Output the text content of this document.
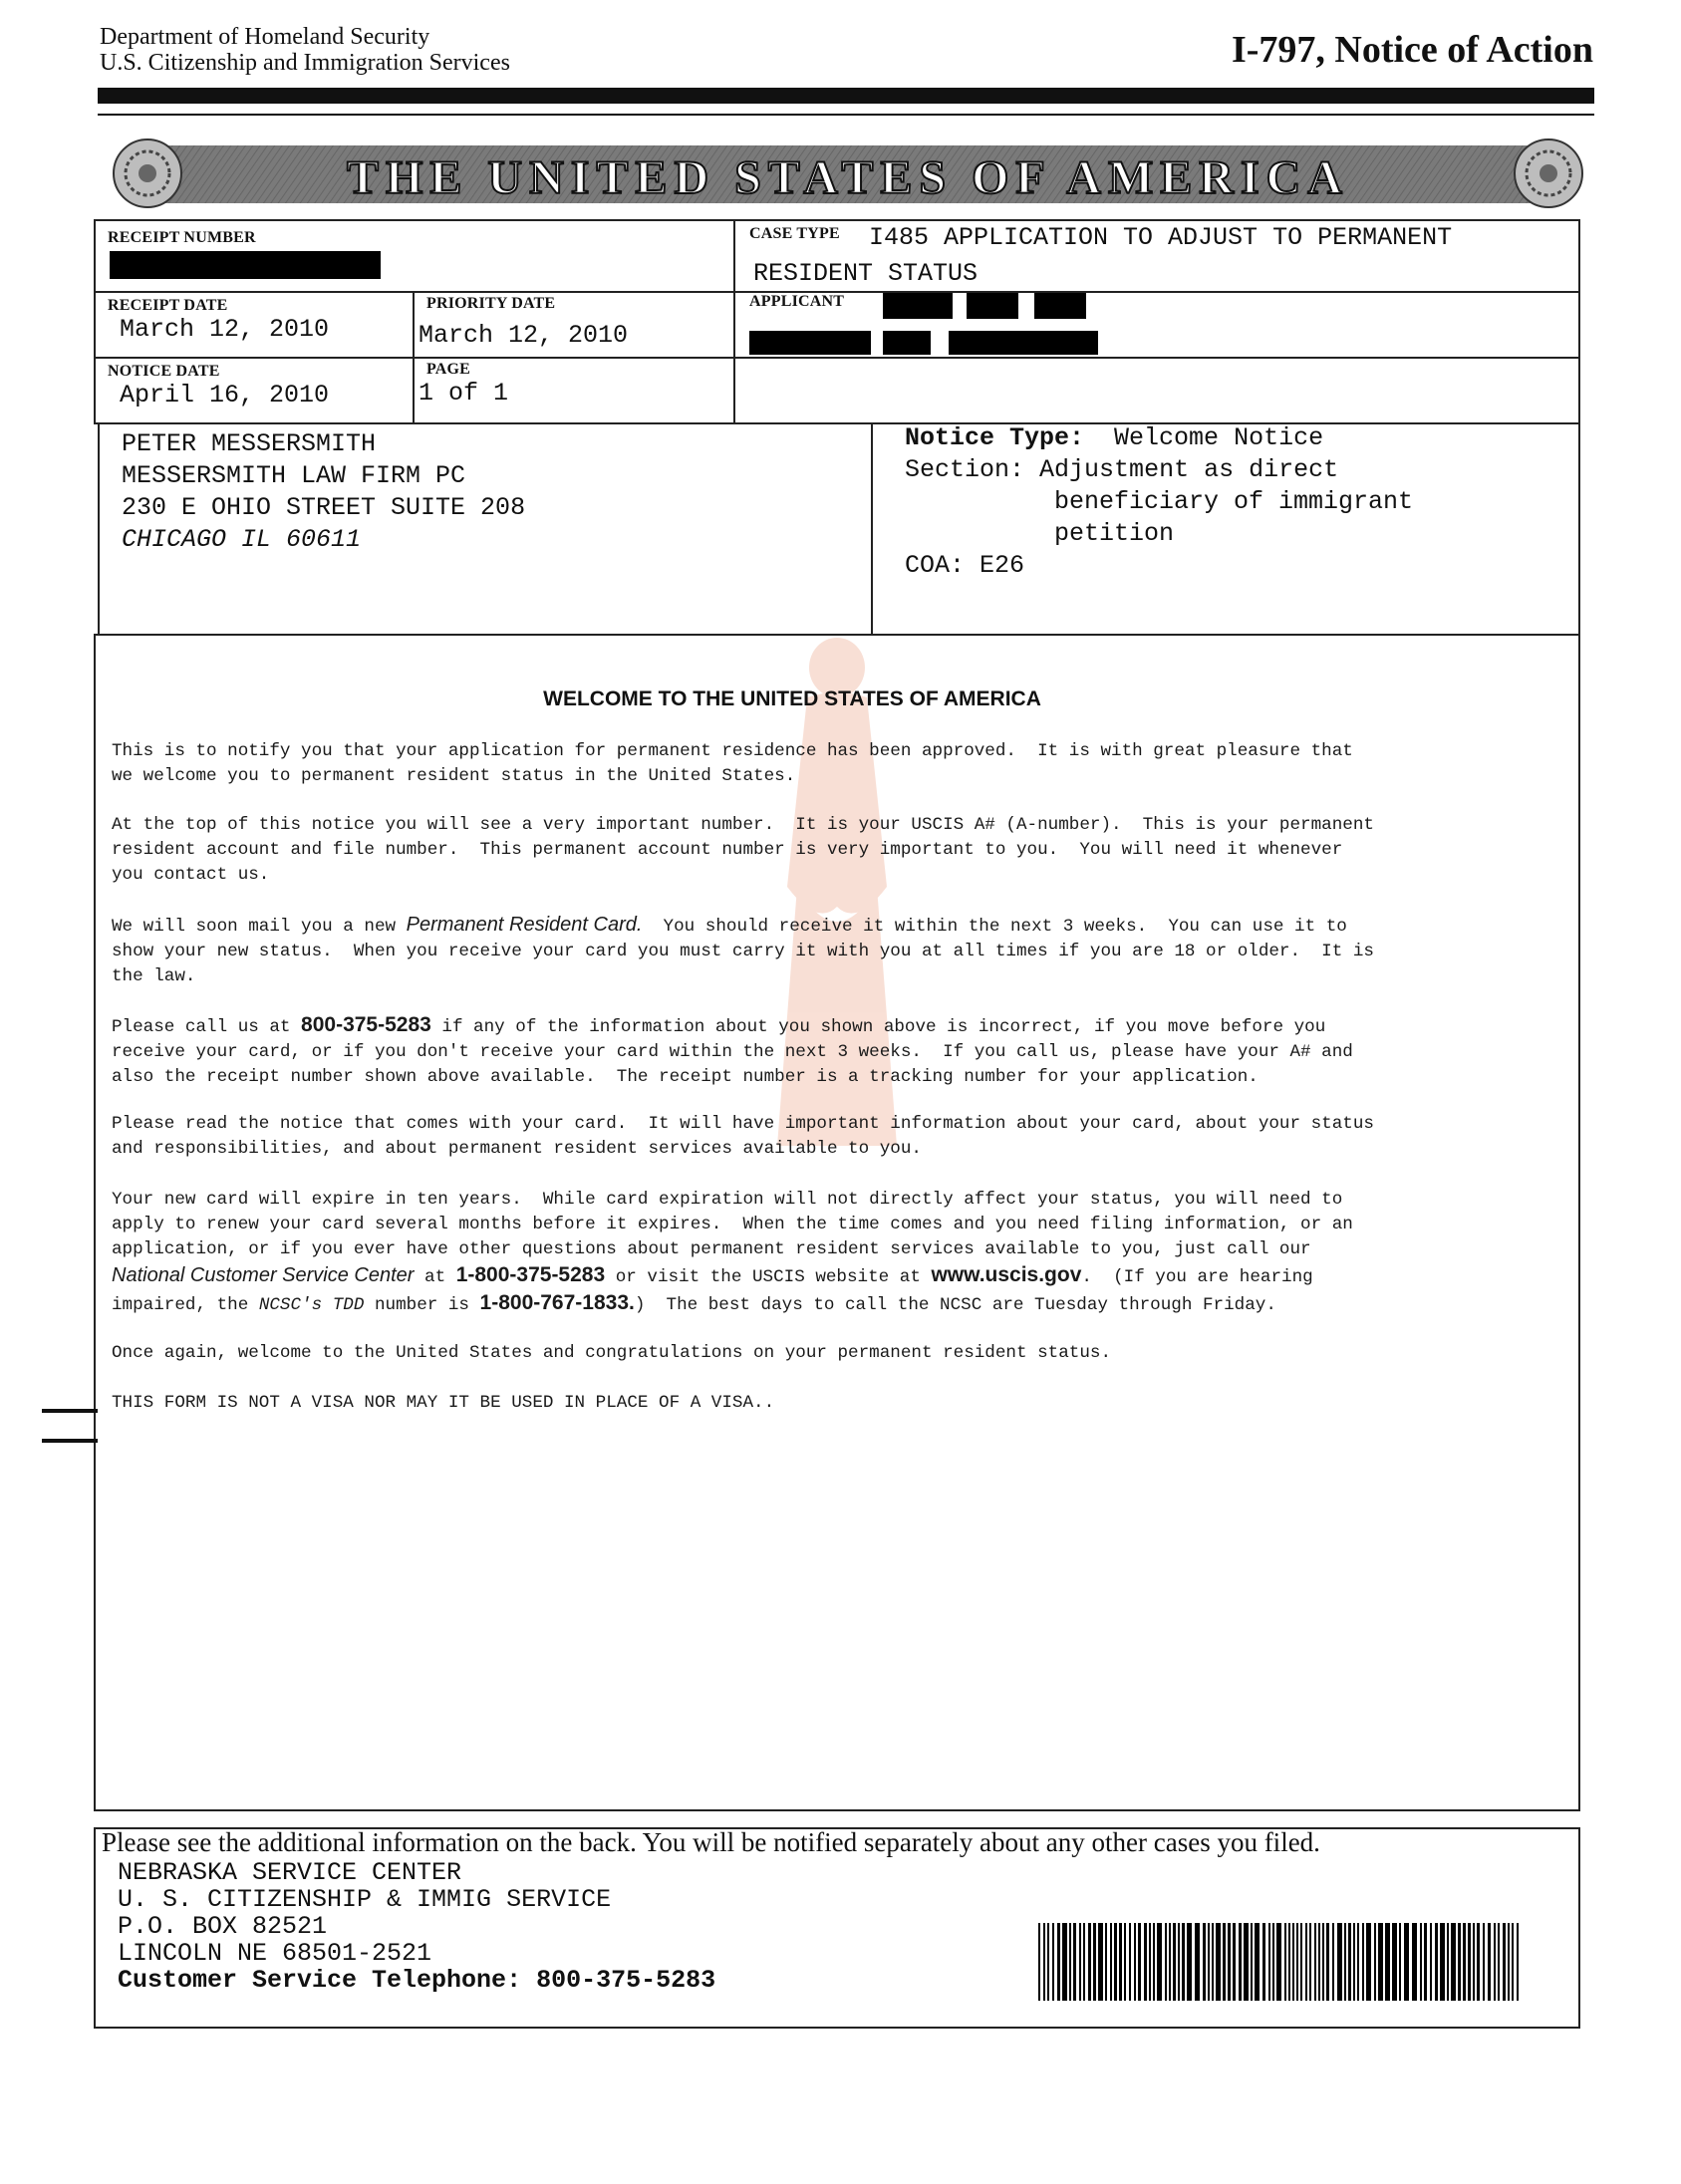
Department of Homeland Security
U.S. Citizenship and Immigration Services	I-797, Notice of Action
THE UNITED STATES OF AMERICA
RECEIPT NUMBER	CASE TYPE I485 APPLICATION TO ADJUST TO PERMANENT
RESIDENT STATUS
RECEIPT DATE
March 12, 2010
PRIORITY DATE
March 12, 2010
APPLICANT
NOTICE DATE
April 16, 2010
PAGE
1 of 1
PETER MESSERSMITH
MESSERSMITH LAW FIRM PC
230 E OHIO STREET SUITE 208
CHICAGO IL 60611
Notice Type: Welcome Notice
Section: Adjustment as direct
beneficiary of immigrant
petition
COA: E26
WELCOME TO THE UNITED STATES OF AMERICA
This is to notify you that your application for permanent residence has been approved.  It is with great pleasure that
we welcome you to permanent resident status in the United States.
At the top of this notice you will see a very important number.  It is your USCIS A# (A-number).  This is your permanent
resident account and file number.  This permanent account number is very important to you.  You will need it whenever
you contact us.
We will soon mail you a new Permanent Resident Card.  You should receive it within the next 3 weeks.  You can use it to
show your new status.  When you receive your card you must carry it with you at all times if you are 18 or older.  It is
the law.
Please call us at 800-375-5283 if any of the information about you shown above is incorrect, if you move before you
receive your card, or if you don't receive your card within the next 3 weeks.  If you call us, please have your A# and
also the receipt number shown above available.  The receipt number is a tracking number for your application.
Please read the notice that comes with your card.  It will have important information about your card, about your status
and responsibilities, and about permanent resident services available to you.
Your new card will expire in ten years.  While card expiration will not directly affect your status, you will need to
apply to renew your card several months before it expires.  When the time comes and you need filing information, or an
application, or if you ever have other questions about permanent resident services available to you, just call our
National Customer Service Center at 1-800-375-5283 or visit the USCIS website at www.uscis.gov.  (If you are hearing
impaired, the NCSC's TDD number is 1-800-767-1833.)  The best days to call the NCSC are Tuesday through Friday.
Once again, welcome to the United States and congratulations on your permanent resident status.
THIS FORM IS NOT A VISA NOR MAY IT BE USED IN PLACE OF A VISA..
Please see the additional information on the back. You will be notified separately about any other cases you filed.
NEBRASKA SERVICE CENTER
U. S. CITIZENSHIP & IMMIG SERVICE
P.O. BOX 82521
LINCOLN NE 68501-2521
Customer Service Telephone: 800-375-5283
